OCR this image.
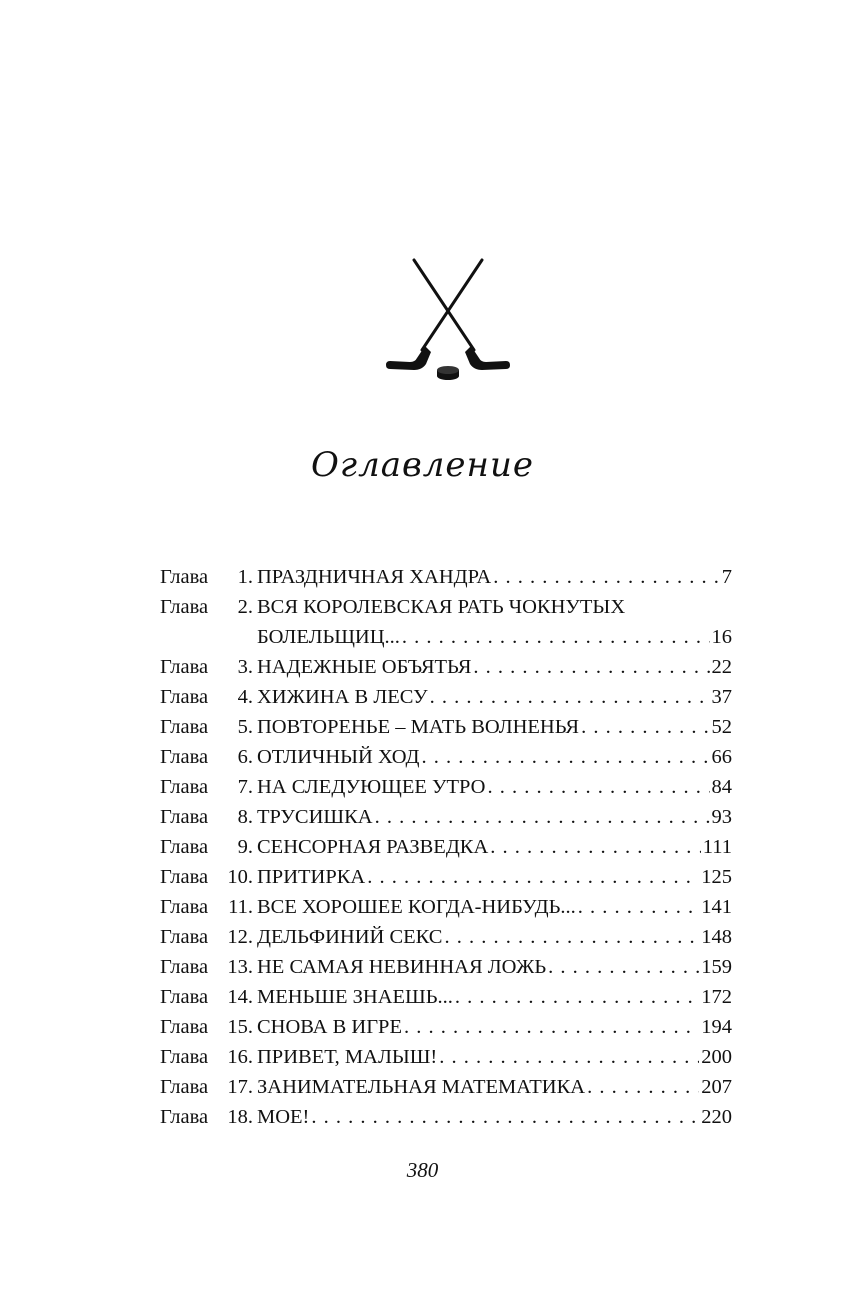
Оглавление
Глава	1. ПРАЗДНИЧНАЯ ХАНДРА . . .	7
Глава	2. ВСЯ КОРОЛЕВСКАЯ РАТЬ ЧОКНУТЫХ
БОЛЕЛЬЩИЦ... . . .	16
Глава	3. НАДЕЖНЫЕ ОБЪЯТЬЯ . . .	22
Глава	4. ХИЖИНА В ЛЕСУ . . .	37
Глава	5. ПОВТОРЕНЬЕ – МАТЬ ВОЛНЕНЬЯ . . .	52
Глава	6. ОТЛИЧНЫЙ ХОД . . .	66
Глава	7. НА СЛЕДУЮЩЕЕ УТРО . . .	84
Глава	8. ТРУСИШКА . . .	93
Глава	9. СЕНСОРНАЯ РАЗВЕДКА . . .	111
Глава 10. ПРИТИРКА . . .	125
Глава 11. ВСЕ ХОРОШЕЕ КОГДА-НИБУДЬ... . . .	141
Глава 12. ДЕЛЬФИНИЙ СЕКС . . .	148
Глава 13. НЕ САМАЯ НЕВИННАЯ ЛОЖЬ . . .	159
Глава 14. МЕНЬШЕ ЗНАЕШЬ... . . .	172
Глава 15. СНОВА В ИГРЕ . . .	194
Глава 16. ПРИВЕТ, МАЛЫШ! . . .	200
Глава 17. ЗАНИМАТЕЛЬНАЯ МАТЕМАТИКА . . .	207
Глава 18. МОЕ! . . .	220
380
